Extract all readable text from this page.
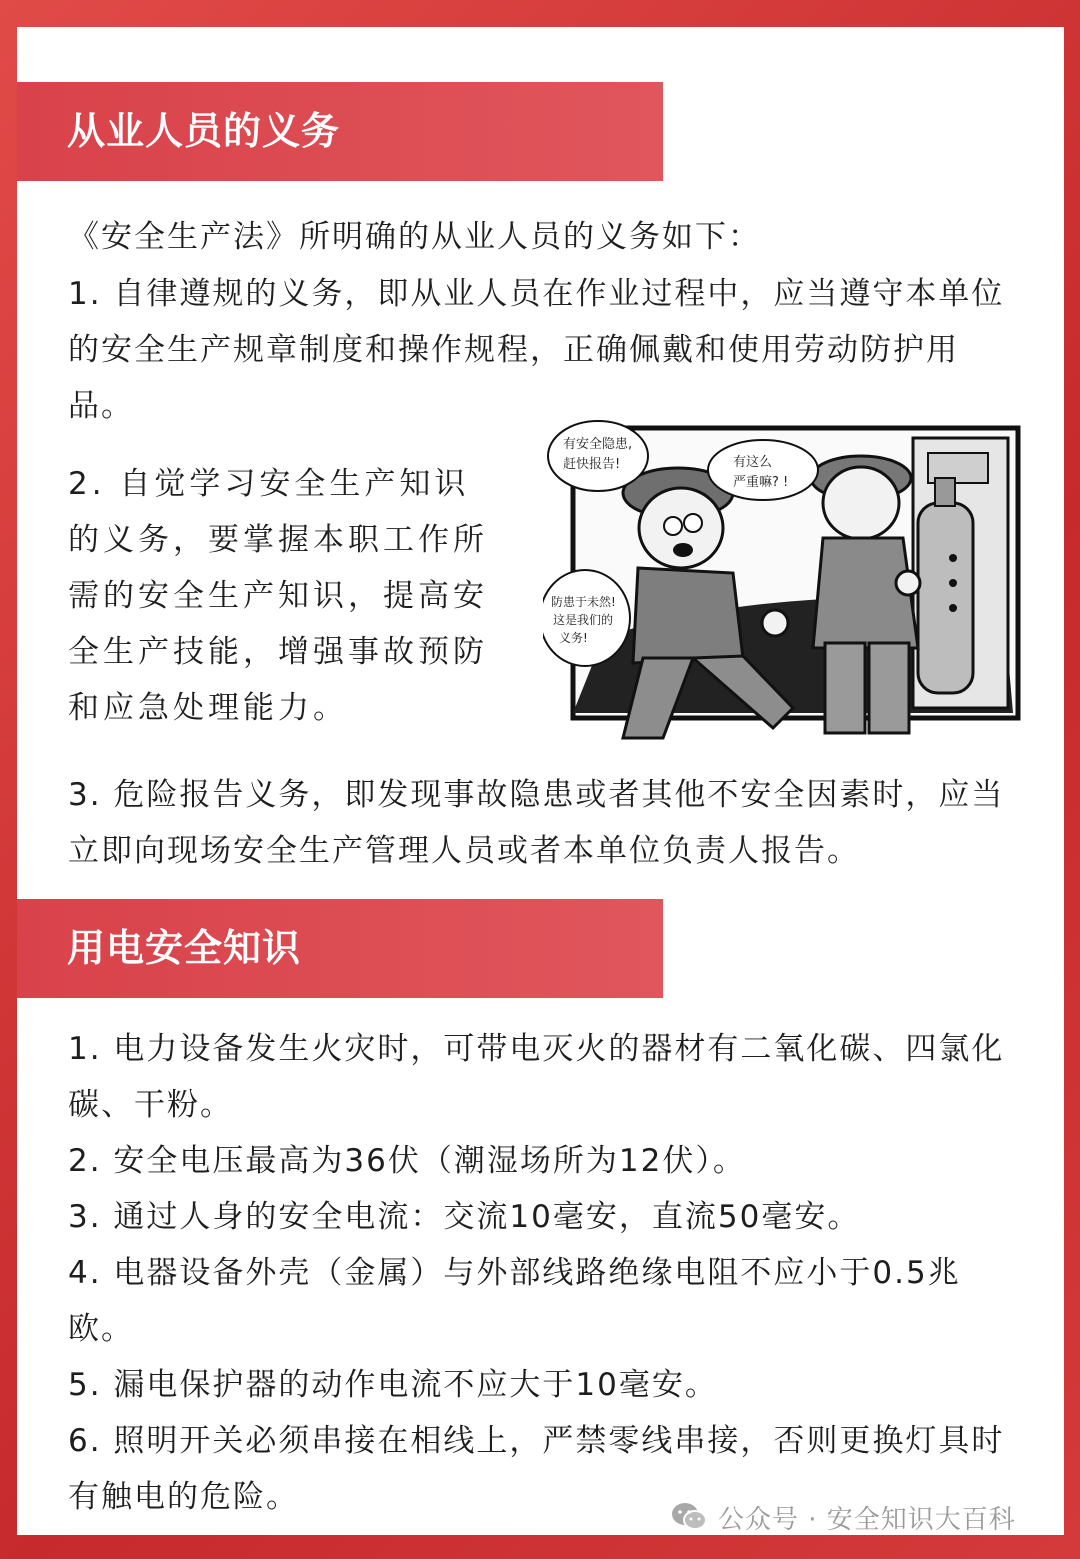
从业人员的义务
《安全生产法》所明确的从业人员的义务如下：
1. 自律遵规的义务，即从业人员在作业过程中，应当遵守本单位的安全生产规章制度和操作规程，正确佩戴和使用劳动防护用品。
2. 自觉学习安全生产知识的义务，要掌握本职工作所需的安全生产知识，提高安全生产技能，增强事故预防和应急处理能力。
有安全隐患,
赶快报告!	有这么
严重嘛? !
防患于未然!
这是我们的
义务!
3. 危险报告义务，即发现事故隐患或者其他不安全因素时，应当立即向现场安全生产管理人员或者本单位负责人报告。
用电安全知识
1. 电力设备发生火灾时，可带电灭火的器材有二氧化碳、四氯化碳、干粉。
2. 安全电压最高为36伏（潮湿场所为12伏）。
3. 通过人身的安全电流：交流10毫安，直流50毫安。
4. 电器设备外壳（金属）与外部线路绝缘电阻不应小于0.5兆欧。
5. 漏电保护器的动作电流不应大于10毫安。
6. 照明开关必须串接在相线上，严禁零线串接，否则更换灯具时有触电的危险。
公众号 · 安全知识大百科
